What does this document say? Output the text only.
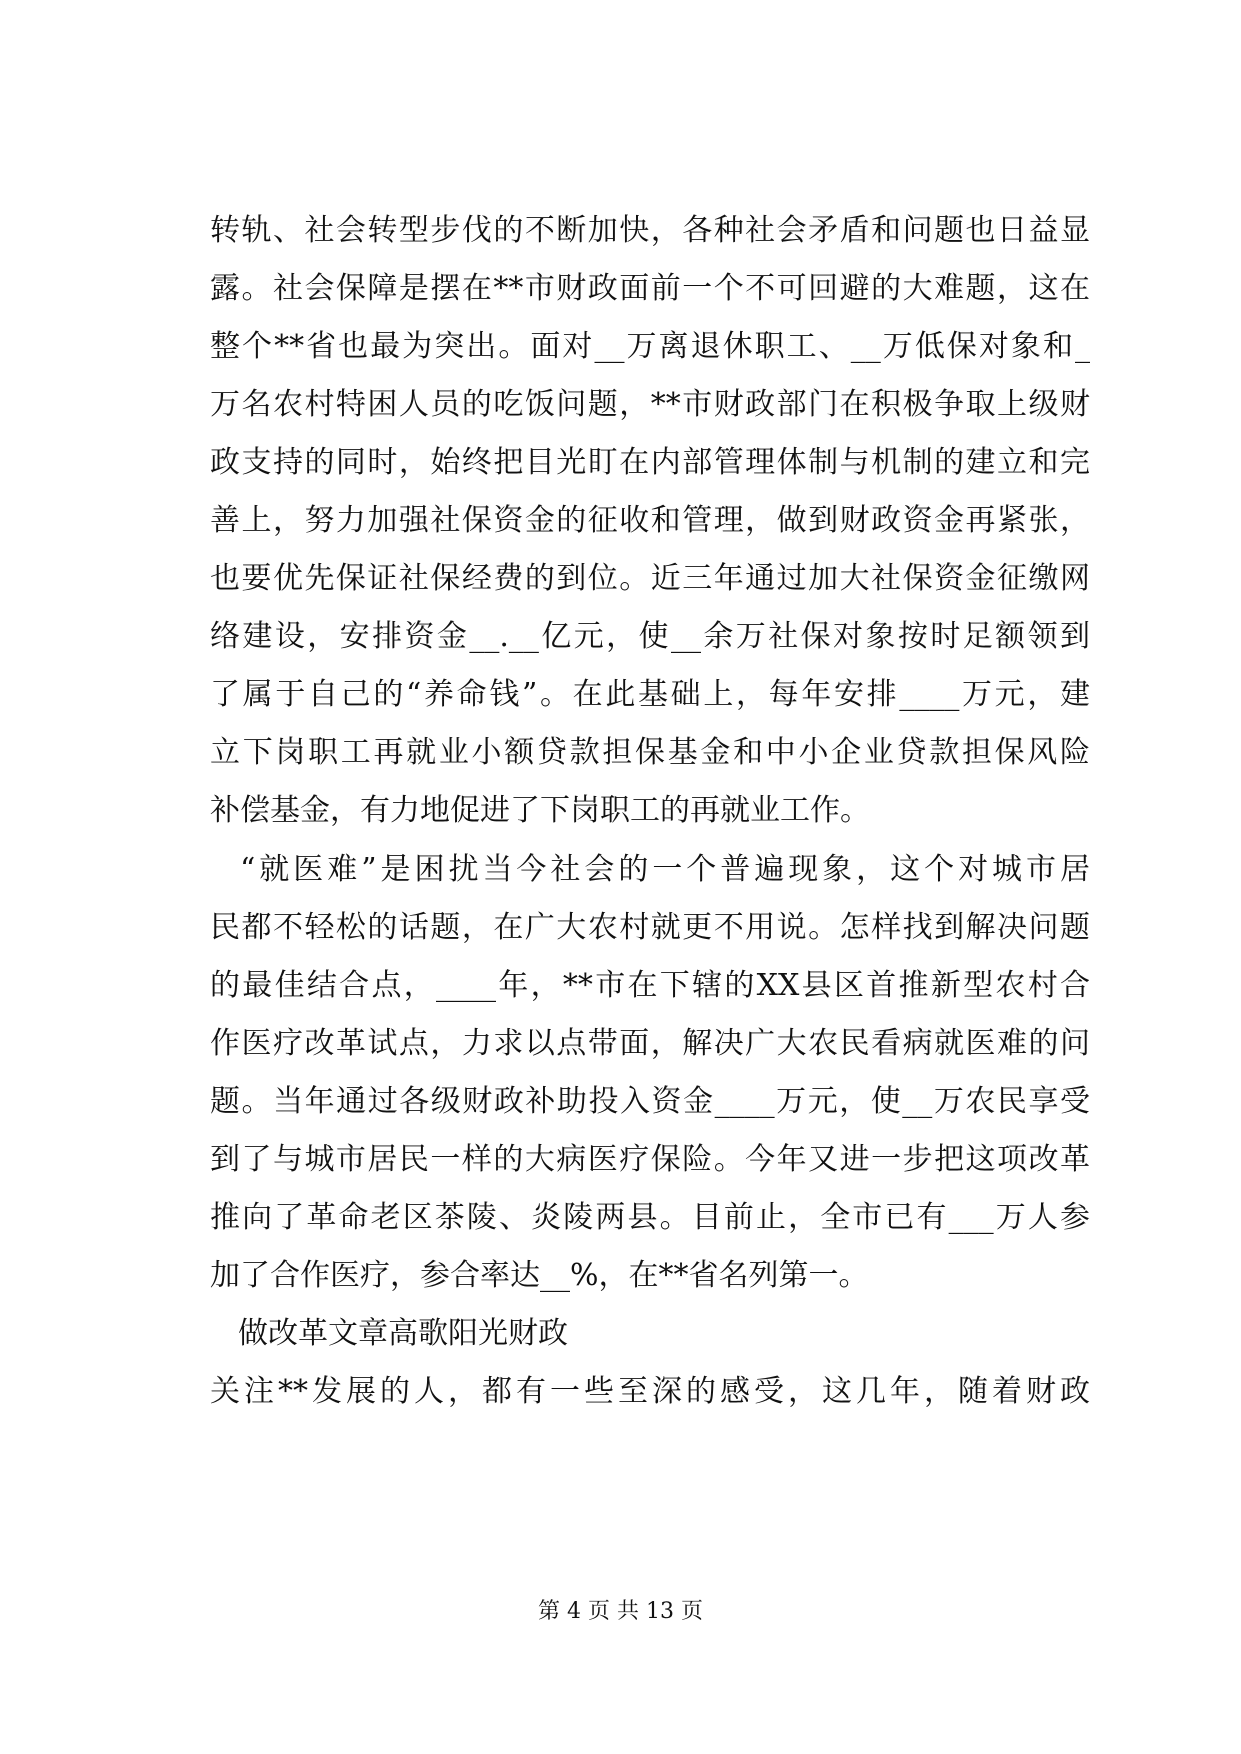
转轨、社会转型步伐的不断加快，各种社会矛盾和问题也日益显
露。社会保障是摆在**市财政面前一个不可回避的大难题，这在
整个**省也最为突出。面对__万离退休职工、__万低保对象和_
万名农村特困人员的吃饭问题，**市财政部门在积极争取上级财
政支持的同时，始终把目光盯在内部管理体制与机制的建立和完
善上，努力加强社保资金的征收和管理，做到财政资金再紧张，
也要优先保证社保经费的到位。近三年通过加大社保资金征缴网
络建设，安排资金__.__亿元，使__余万社保对象按时足额领到
了属于自己的“养命钱”。在此基础上，每年安排____万元，建
立下岗职工再就业小额贷款担保基金和中小企业贷款担保风险
补偿基金，有力地促进了下岗职工的再就业工作。
“就医难”是困扰当今社会的一个普遍现象，这个对城市居
民都不轻松的话题，在广大农村就更不用说。怎样找到解决问题
的最佳结合点，____年，**市在下辖的XX县区首推新型农村合
作医疗改革试点，力求以点带面，解决广大农民看病就医难的问
题。当年通过各级财政补助投入资金____万元，使__万农民享受
到了与城市居民一样的大病医疗保险。今年又进一步把这项改革
推向了革命老区茶陵、炎陵两县。目前止，全市已有___万人参
加了合作医疗，参合率达__%，在**省名列第一。
做改革文章高歌阳光财政
关注**发展的人，都有一些至深的感受，这几年，随着财政
第 4 页 共 13 页
